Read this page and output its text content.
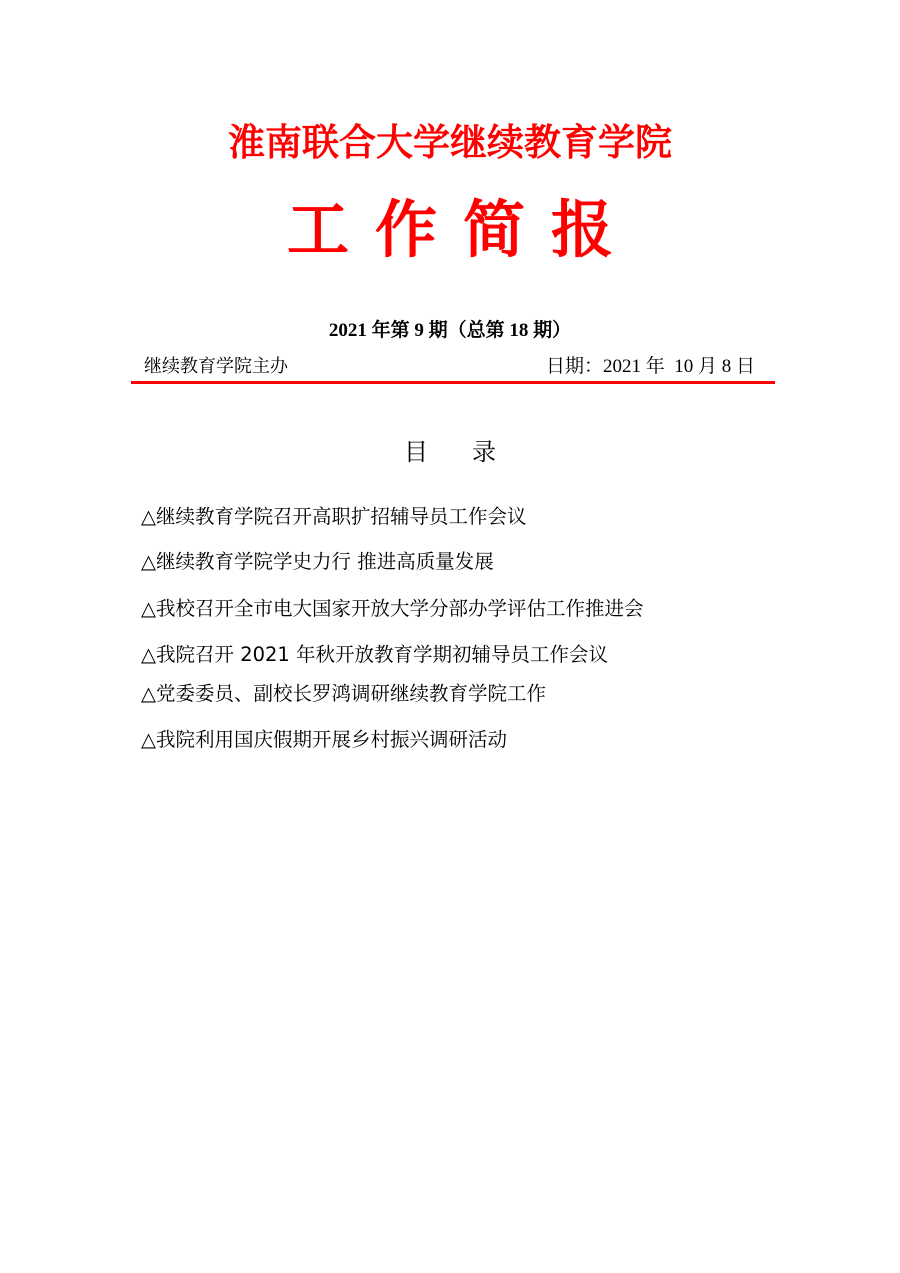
淮南联合大学继续教育学院
工作简报
2021 年第 9 期（总第 18 期）
继续教育学院主办	日期：2021 年  10 月 8 日
目录
△继续教育学院召开高职扩招辅导员工作会议
△继续教育学院学史力行 推进高质量发展
△我校召开全市电大国家开放大学分部办学评估工作推进会
△我院召开 2021 年秋开放教育学期初辅导员工作会议
△党委委员、副校长罗鸿调研继续教育学院工作
△我院利用国庆假期开展乡村振兴调研活动
